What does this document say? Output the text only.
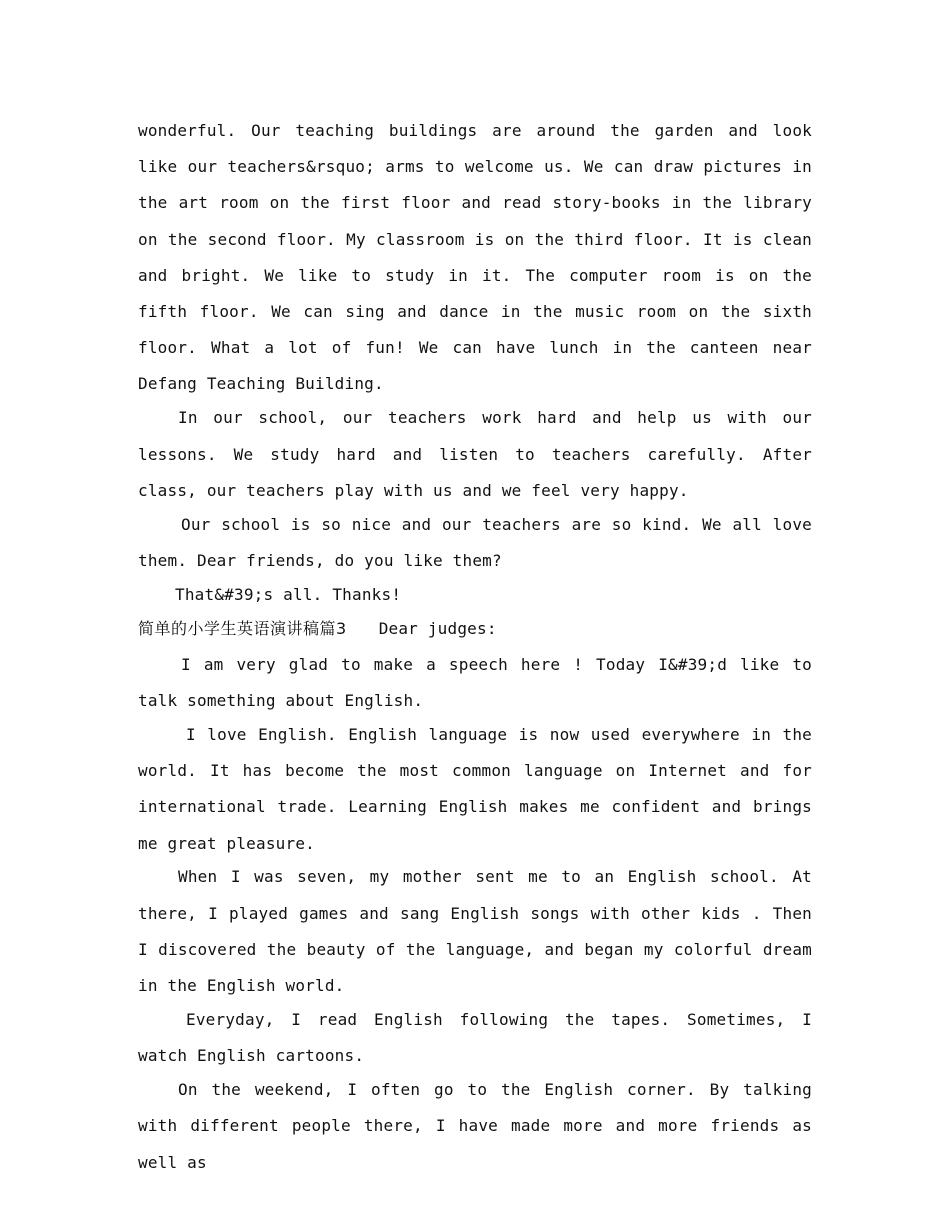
wonderful. Our teaching buildings are around the garden and look like our teachers&rsquo; arms to welcome us. We can draw pictures in the art room on the first floor and read story-books in the library on the second floor. My classroom is on the third floor. It is clean and bright. We like to study in it. The computer room is on the fifth floor. We can sing and dance in the music room on the sixth floor. What a lot of fun! We can have lunch in the canteen near Defang Teaching Building.

In our school, our teachers work hard and help us with our lessons. We study hard and listen to teachers carefully. After class, our teachers play with us and we feel very happy.

Our school is so nice and our teachers are so kind. We all love them. Dear friends, do you like them?

That&#39;s all. Thanks!

简单的小学生英语演讲稿篇3 Dear judges:

I am very glad to make a speech here ! Today I&#39;d like to talk something about English.

I love English. English language is now used everywhere in the world. It has become the most common language on Internet and for international trade. Learning English makes me confident and brings me great pleasure.

When I was seven, my mother sent me to an English school. At there, I played games and sang English songs with other kids . Then I discovered the beauty of the language, and began my colorful dream in the English world.

Everyday, I read English following the tapes. Sometimes, I watch English cartoons.

On the weekend, I often go to the English corner. By talking with different people there, I have made more and more friends as well as
